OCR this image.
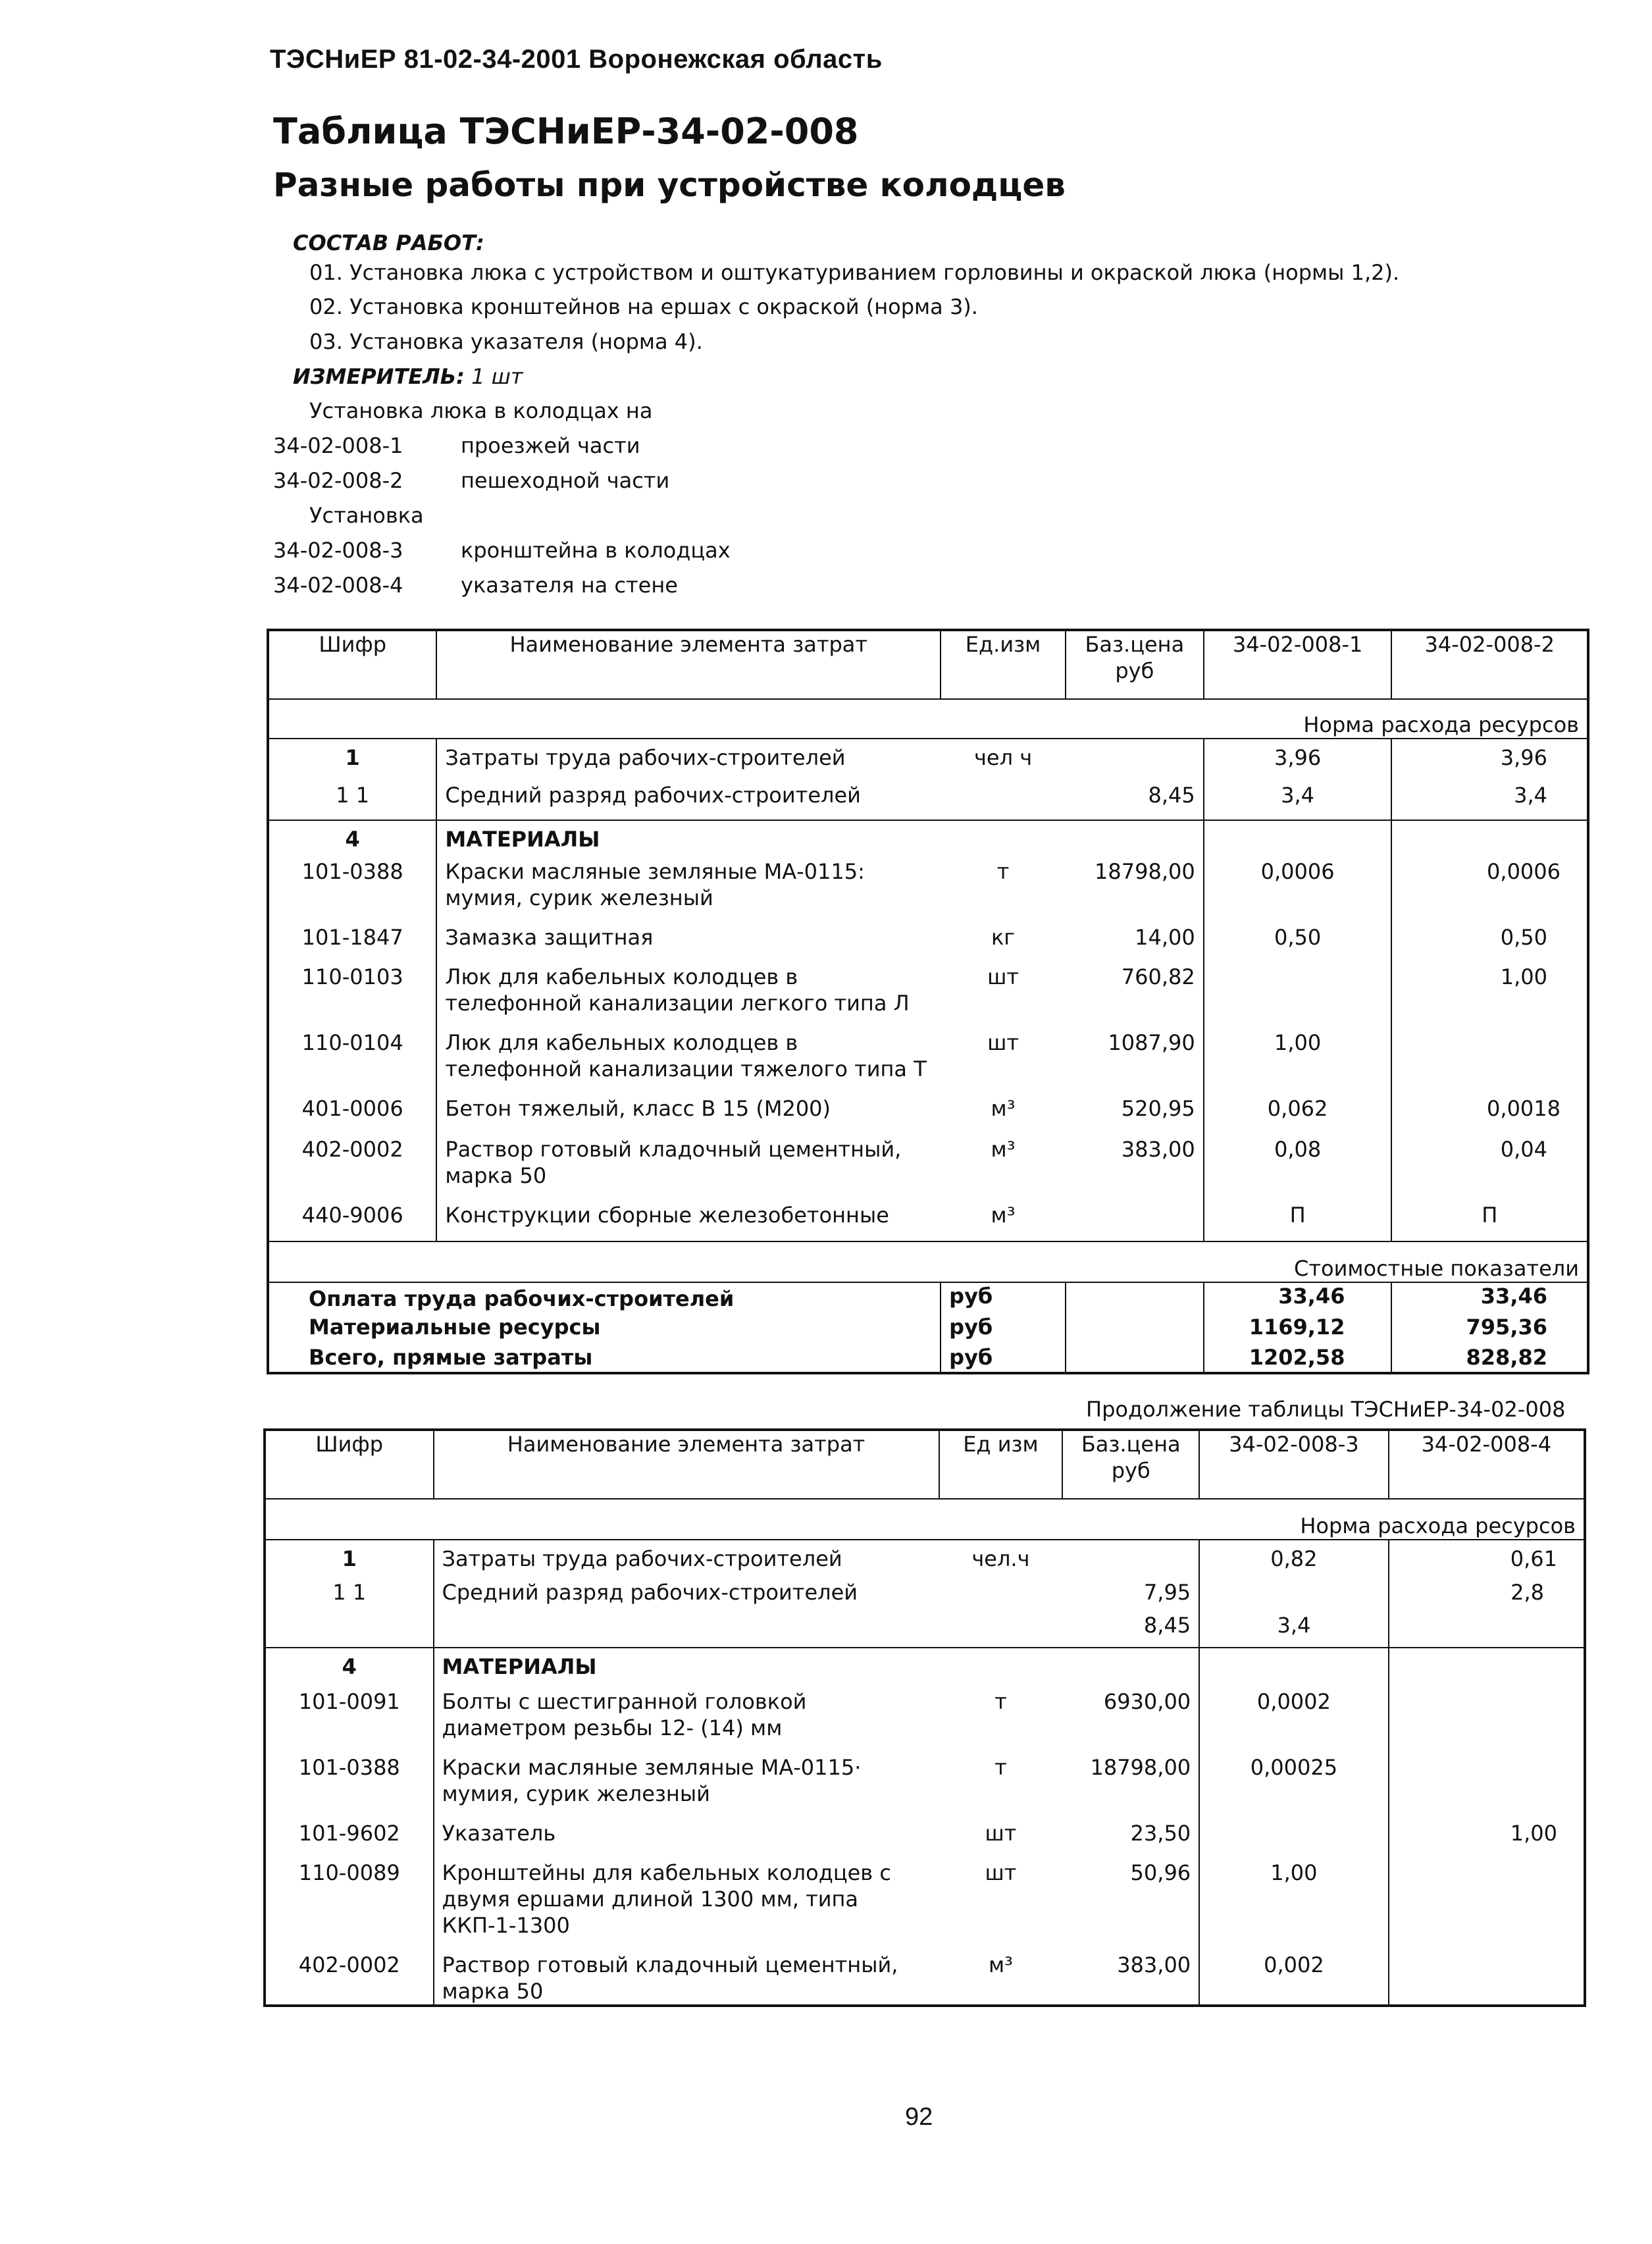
ТЭСНиЕР 81-02-34-2001 Воронежская область
Таблица ТЭСНиЕР-34-02-008
Разные работы при устройстве колодцев
СОСТАВ РАБОТ:
01. Установка люка с устройством и оштукатуриванием горловины и окраской люка (нормы 1,2).
02. Установка кронштейнов на ершах с окраской (норма 3).
03. Установка указателя (норма 4).
ИЗМЕРИТЕЛЬ: 1 шт
Установка люка в колодцах на
34-02-008-1	проезжей части
34-02-008-2	пешеходной части
Установка
34-02-008-3	кронштейна в колодцах
34-02-008-4	указателя на стене
Шифр	Наименование элемента затрат	Ед.изм	Баз.цена руб	34-02-008-1	34-02-008-2
Норма расхода ресурсов					
1	Затраты труда рабочих-строителей	чел ч		3,96	3,96
1 1	Средний разряд рабочих-строителей		8,45	3,4	3,4
4	МАТЕРИАЛЫ				
101-0388	Краски масляные земляные МА-0115: мумия, сурик железный	т	18798,00	0,0006	0,0006
101-1847	Замазка защитная	кг	14,00	0,50	0,50
110-0103	Люк для кабельных колодцев в телефонной канализации легкого типа Л	шт	760,82		1,00
110-0104	Люк для кабельных колодцев в телефонной канализации тяжелого типа Т	шт	1087,90	1,00	
401-0006	Бетон тяжелый, класс В 15 (М200)	м³	520,95	0,062	0,0018
402-0002	Раствор готовый кладочный цементный, марка 50	м³	383,00	0,08	0,04
440-9006	Конструкции сборные железобетонные	м³		П	П
Стоимостные показатели					
Оплата труда рабочих-строителей		руб		33,46	33,46
Материальные ресурсы		руб		1169,12	795,36
Всего, прямые затраты		руб		1202,58	828,82
Продолжение таблицы ТЭСНиЕР-34-02-008
Шифр	Наименование элемента затрат	Ед изм	Баз.цена руб	34-02-008-3	34-02-008-4
Норма расхода ресурсов					
1	Затраты труда рабочих-строителей	чел.ч		0,82	0,61
1 1	Средний разряд рабочих-строителей		7,95		2,8
			8,45	3,4	
4	МАТЕРИАЛЫ				
101-0091	Болты с шестигранной головкой диаметром резьбы 12- (14) мм	т	6930,00	0,0002	
101-0388	Краски масляные земляные МА-0115· мумия, сурик железный	т	18798,00	0,00025	
101-9602	Указатель	шт	23,50		1,00
110-0089	Кронштейны для кабельных колодцев с двумя ершами длиной 1300 мм, типа ККП-1-1300	шт	50,96	1,00	
402-0002	Раствор готовый кладочный цементный, марка 50	м³	383,00	0,002	
92
